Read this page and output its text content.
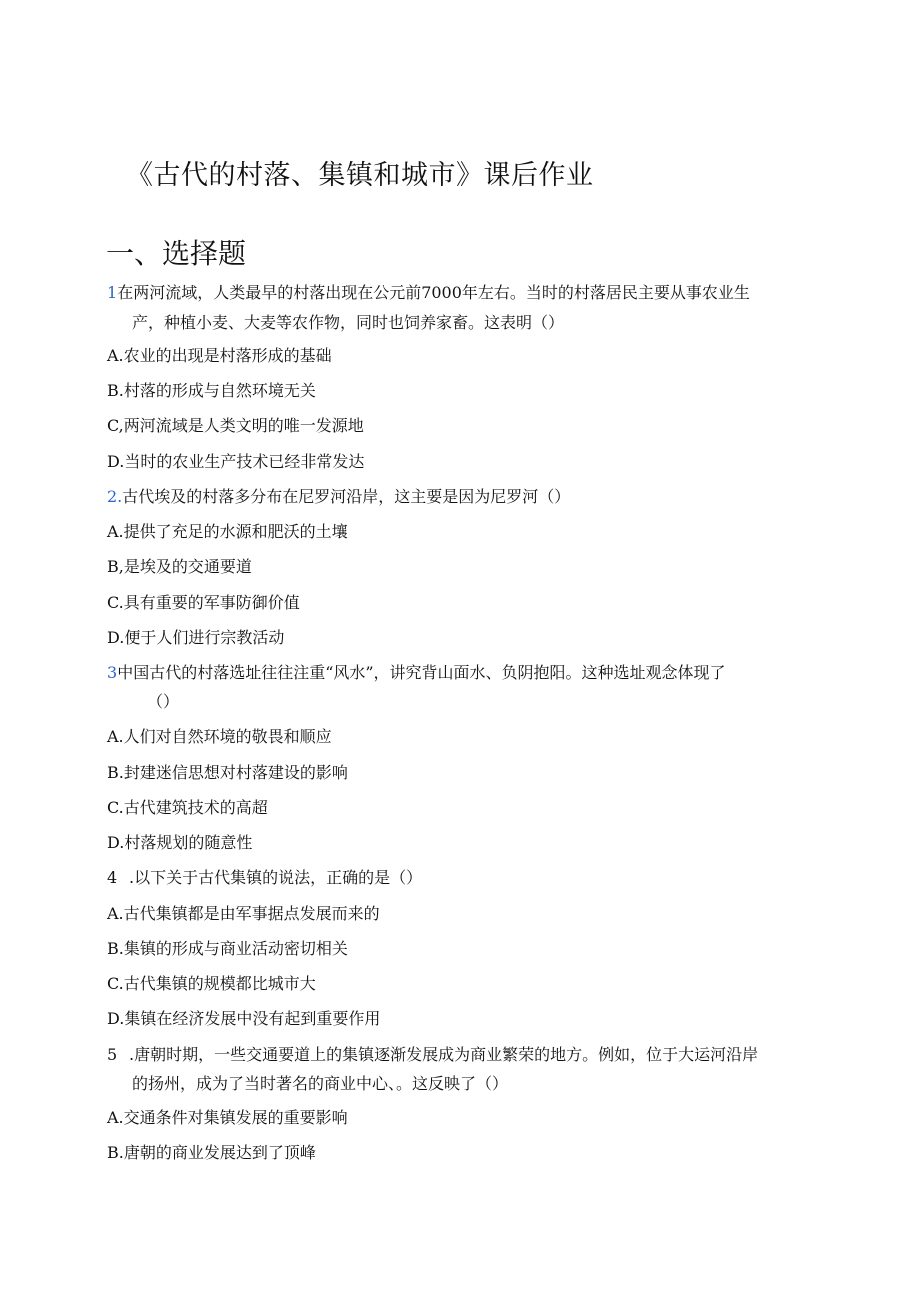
《古代的村落、集镇和城市》课后作业
一、选择题
1在两河流域，人类最早的村落出现在公元前7000年左右。当时的村落居民主要从事农业生
产，种植小麦、大麦等农作物，同时也饲养家畜。这表明（）
A.农业的出现是村落形成的基础
B.村落的形成与自然环境无关
C,两河流域是人类文明的唯一发源地
D.当时的农业生产技术已经非常发达
2.古代埃及的村落多分布在尼罗河沿岸，这主要是因为尼罗河（）
A.提供了充足的水源和肥沃的土壤
B,是埃及的交通要道
C.具有重要的军事防御价值
D.便于人们进行宗教活动
3中国古代的村落选址往往注重“风水”，讲究背山面水、负阴抱阳。这种选址观念体现了
（）
A.人们对自然环境的敬畏和顺应
B.封建迷信思想对村落建设的影响
C.古代建筑技术的高超
D.村落规划的随意性
4 .以下关于古代集镇的说法，正确的是（）
A.古代集镇都是由军事据点发展而来的
B.集镇的形成与商业活动密切相关
C.古代集镇的规模都比城市大
D.集镇在经济发展中没有起到重要作用
5 .唐朝时期，一些交通要道上的集镇逐渐发展成为商业繁荣的地方。例如，位于大运河沿岸
的扬州，成为了当时著名的商业中心、。这反映了（）
A.交通条件对集镇发展的重要影响
B.唐朝的商业发展达到了顶峰
